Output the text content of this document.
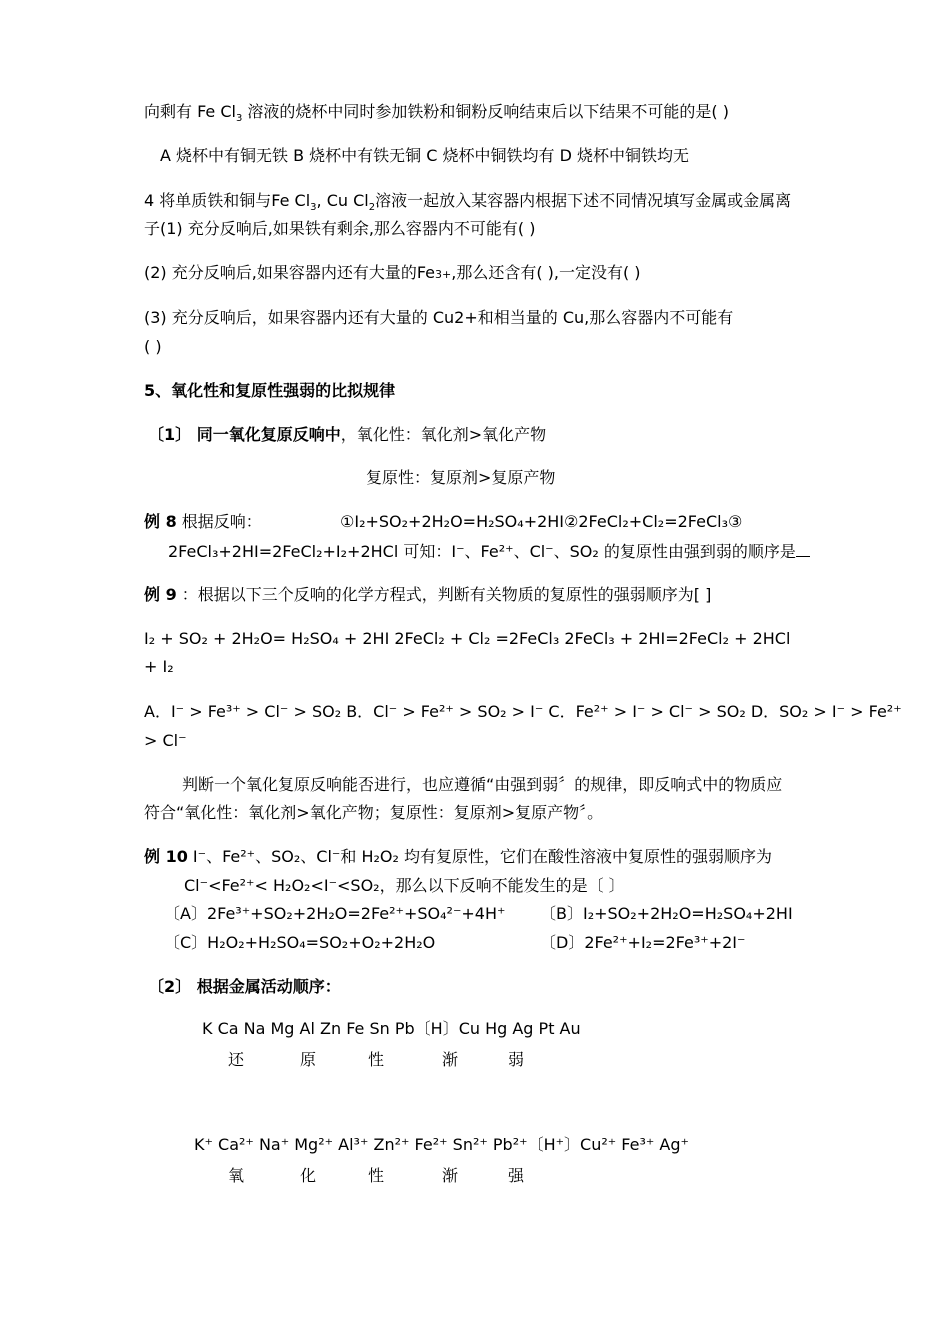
向剩有 Fe $Cl_3$ 溶液的烧杯中同时参加铁粉和铜粉反响结束后以下结果不可能的是( )
A 烧杯中有铜无铁 B 烧杯中有铁无铜 C 烧杯中铜铁均有 D 烧杯中铜铁均无
4 将单质铁和铜与Fe $Cl_3$, Cu $Cl_2$溶液一起放入某容器内根据下述不同情况填写金属或金属离
子(1) 充分反响后,如果铁有剩余,那么容器内不可能有( )
(2) 充分反响后,如果容器内还有大量的Fe3+,那么还含有( ),一定没有( )
(3) 充分反响后，如果容器内还有大量的 Cu2+和相当量的 Cu,那么容器内不可能有
( )
5、氧化性和复原性强弱的比拟规律
〔1〕 同一氧化复原反响中，氧化性：氧化剂>氧化产物
复原性：复原剂>复原产物
例 8 根据反响：	①I₂+SO₂+2H₂O=H₂SO₄+2HI②2FeCl₂+Cl₂=2FeCl₃③
2FeCl₃+2HI=2FeCl₂+I₂+2HCl 可知：I⁻、Fe²⁺、Cl⁻、SO₂ 的复原性由强到弱的顺序是
例 9 ：根据以下三个反响的化学方程式，判断有关物质的复原性的强弱顺序为[ ]
I₂ + SO₂ + 2H₂O= H₂SO₄ + 2HI 2FeCl₂ + Cl₂ =2FeCl₃ 2FeCl₃ + 2HI=2FeCl₂ + 2HCl
+ I₂
A．I⁻ > Fe³⁺ > Cl⁻ > SO₂ B．Cl⁻ > Fe²⁺ > SO₂ > I⁻ C．Fe²⁺ > I⁻ > Cl⁻ > SO₂ D．SO₂ > I⁻ > Fe²⁺
> Cl⁻
判断一个氧化复原反响能否进行，也应遵循“由强到弱〞的规律，即反响式中的物质应
符合“氧化性：氧化剂>氧化产物；复原性：复原剂>复原产物〞。
例 10 I⁻、Fe²⁺、SO₂、Cl⁻和 H₂O₂ 均有复原性，它们在酸性溶液中复原性的强弱顺序为
Cl⁻<Fe²⁺< H₂O₂<I⁻<SO₂，那么以下反响不能发生的是〔 〕
〔A〕2Fe³⁺+SO₂+2H₂O=2Fe²⁺+SO₄²⁻+4H⁺ 〔B〕I₂+SO₂+2H₂O=H₂SO₄+2HI
〔C〕H₂O₂+H₂SO₄=SO₂+O₂+2H₂O	〔D〕2Fe²⁺+I₂=2Fe³⁺+2I⁻
〔2〕 根据金属活动顺序：
K Ca Na Mg Al Zn Fe Sn Pb〔H〕Cu Hg Ag Pt Au
还	原	性	渐	弱
K⁺ Ca²⁺ Na⁺ Mg²⁺ Al³⁺ Zn²⁺ Fe²⁺ Sn²⁺ Pb²⁺〔H⁺〕Cu²⁺ Fe³⁺ Ag⁺
氧	化	性	渐	强
